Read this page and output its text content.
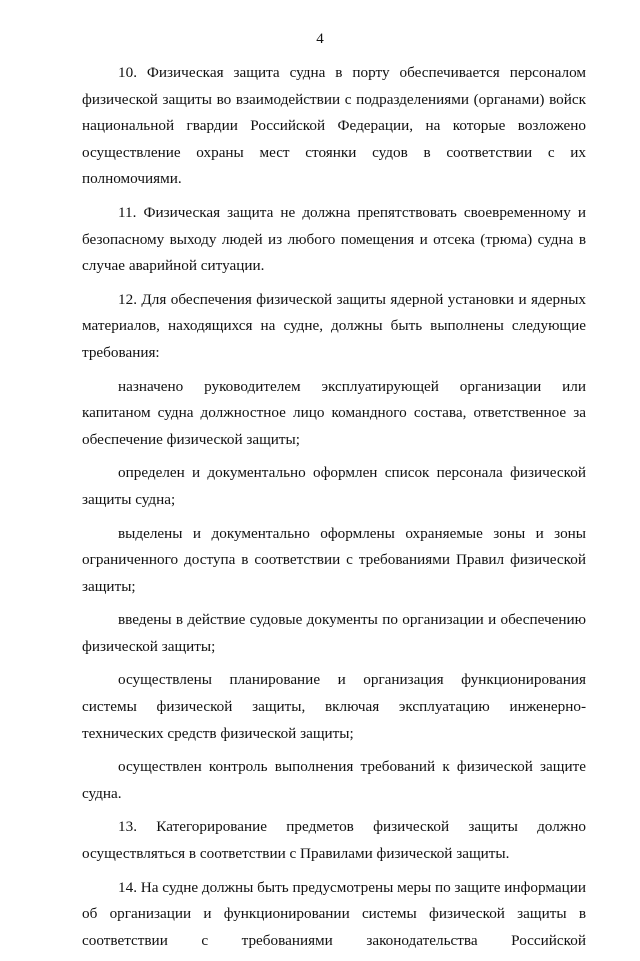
4

10. Физическая защита судна в порту обеспечивается персоналом физической защиты во взаимодействии с подразделениями (органами) войск национальной гвардии Российской Федерации, на которые возложено осуществление охраны мест стоянки судов в соответствии с их полномочиями.

11. Физическая защита не должна препятствовать своевременному и безопасному выходу людей из любого помещения и отсека (трюма) судна в случае аварийной ситуации.

12. Для обеспечения физической защиты ядерной установки и ядерных материалов, находящихся на судне, должны быть выполнены следующие требования:

назначено руководителем эксплуатирующей организации или капитаном судна должностное лицо командного состава, ответственное за обеспечение физической защиты;

определен и документально оформлен список персонала физической защиты судна;

выделены и документально оформлены охраняемые зоны и зоны ограниченного доступа в соответствии с требованиями Правил физической защиты;

введены в действие судовые документы по организации и обеспечению физической защиты;

осуществлены планирование и организация функционирования системы физической защиты, включая эксплуатацию инженерно-технических средств физической защиты;

осуществлен контроль выполнения требований к физической защите судна.

13. Категорирование предметов физической защиты должно осуществляться в соответствии с Правилами физической защиты.

14. На судне должны быть предусмотрены меры по защите информации об организации и функционировании системы физической защиты в соответствии с требованиями законодательства Российской
